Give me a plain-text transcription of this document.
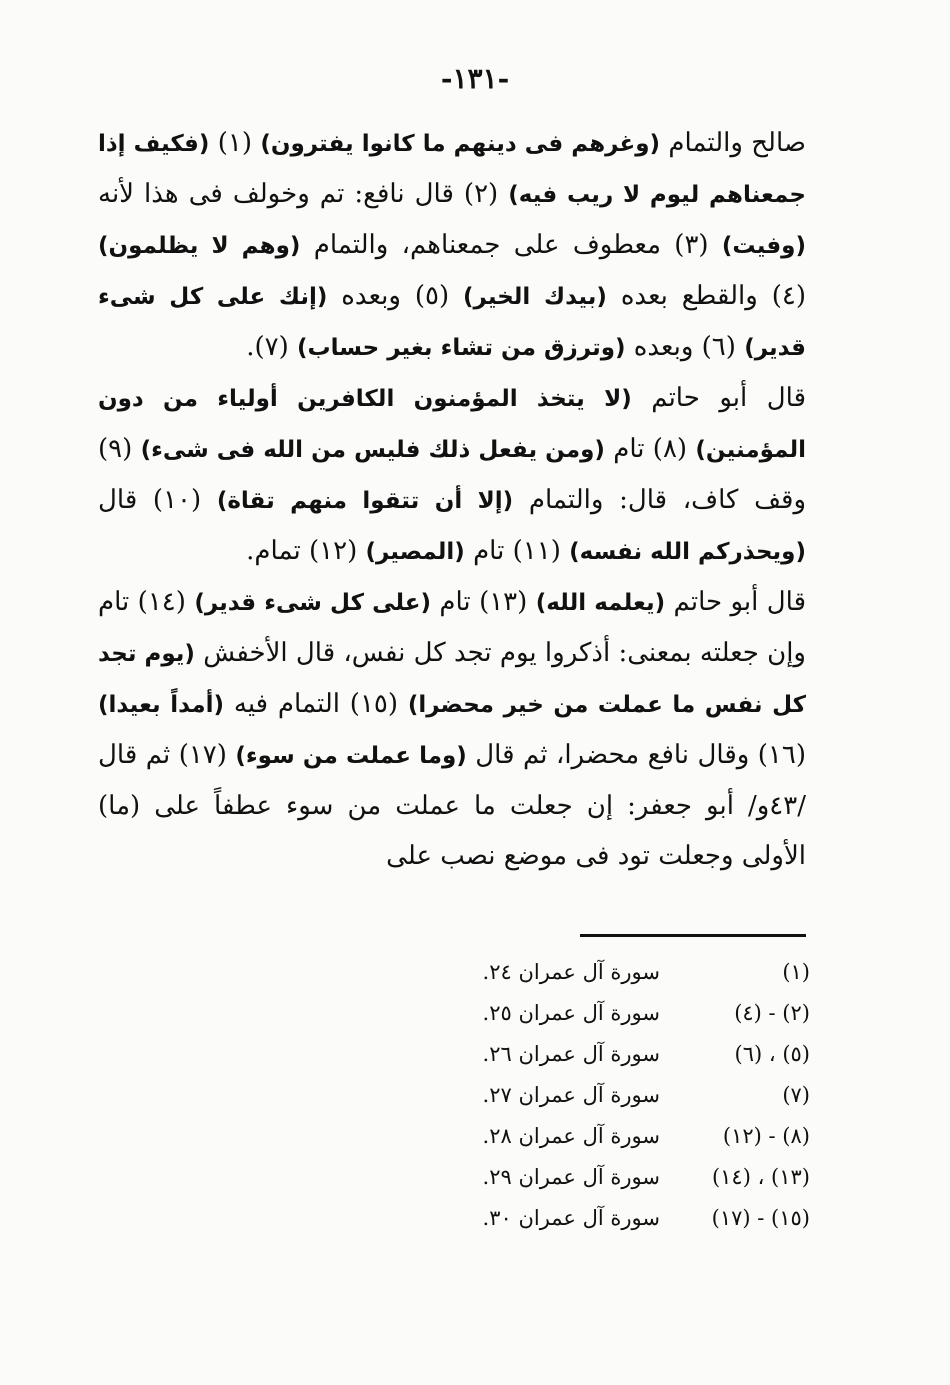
-١٣١-

صالح والتمام (وغرهم فى دينهم ما كانوا يفترون) (١) (فكيف إذا جمعناهم ليوم لا ريب فيه) (٢) قال نافع: تم وخولف فى هذا لأنه (وفيت) (٣) معطوف على جمعناهم، والتمام (وهم لا يظلمون) (٤) والقطع بعده (بيدك الخير) (٥) وبعده (إنك على كل شىء قدير) (٦) وبعده (وترزق من تشاء بغير حساب) (٧).

قال أبو حاتم (لا يتخذ المؤمنون الكافرين أولياء من دون المؤمنين) (٨) تام (ومن يفعل ذلك فليس من الله فى شىء) (٩) وقف كاف، قال: والتمام (إلا أن تتقوا منهم تقاة) (١٠) قال (ويحذركم الله نفسه) (١١) تام (المصير) (١٢) تمام.

قال أبو حاتم (يعلمه الله) (١٣) تام (على كل شىء قدير) (١٤) تام وإن جعلته بمعنى: أذكروا يوم تجد كل نفس، قال الأخفش (يوم تجد كل نفس ما عملت من خير محضرا) (١٥) التمام فيه (أمداً بعيدا) (١٦) وقال نافع محضرا، ثم قال (وما عملت من سوء) (١٧) ثم قال /٤٣و/ أبو جعفر: إن جعلت ما عملت من سوء عطفاً على (ما) الأولى وجعلت تود فى موضع نصب على

(١)
سورة آل عمران ٢٤.
(٢) - (٤)
سورة آل عمران ٢٥.
(٥) ، (٦)
سورة آل عمران ٢٦.
(٧)
سورة آل عمران ٢٧.
(٨) - (١٢)
سورة آل عمران ٢٨.
(١٣) ، (١٤)
سورة آل عمران ٢٩.
(١٥) - (١٧)
سورة آل عمران ٣٠.
